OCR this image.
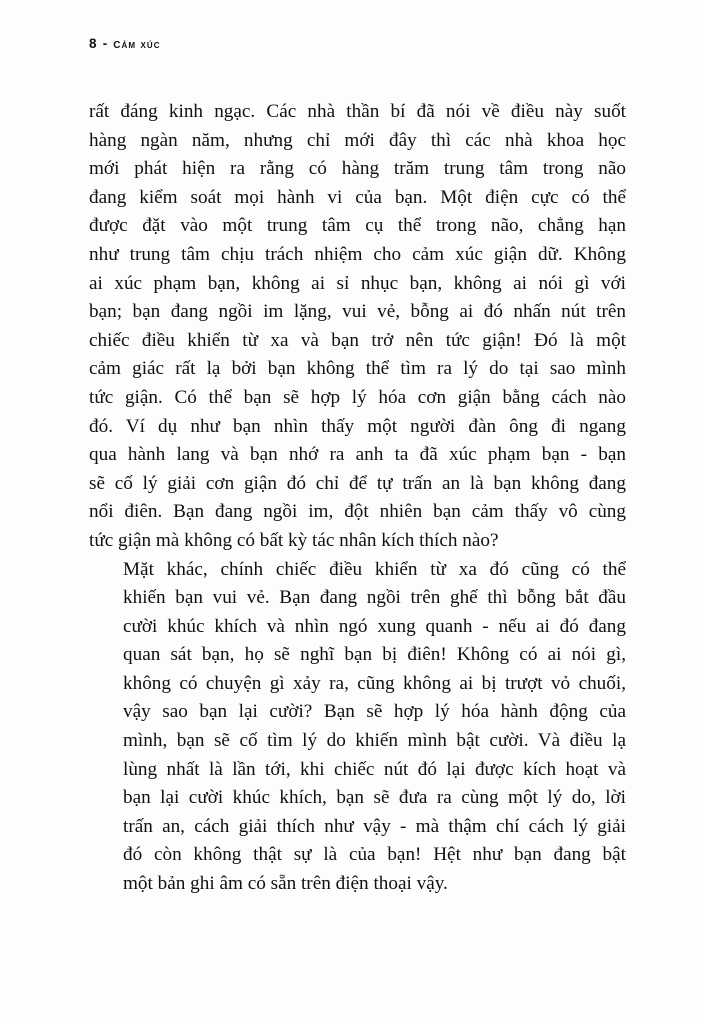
8 - cảm xúc
rất đáng kinh ngạc. Các nhà thần bí đã nói về điều này suốt
hàng ngàn năm, nhưng chỉ mới đây thì các nhà khoa học
mới phát hiện ra rằng có hàng trăm trung tâm trong não
đang kiểm soát mọi hành vi của bạn. Một điện cực có thể
được đặt vào một trung tâm cụ thể trong não, chẳng hạn
như trung tâm chịu trách nhiệm cho cảm xúc giận dữ. Không
ai xúc phạm bạn, không ai sỉ nhục bạn, không ai nói gì với
bạn; bạn đang ngồi im lặng, vui vẻ, bỗng ai đó nhấn nút trên
chiếc điều khiển từ xa và bạn trở nên tức giận! Đó là một
cảm giác rất lạ bởi bạn không thể tìm ra lý do tại sao mình
tức giận. Có thể bạn sẽ hợp lý hóa cơn giận bằng cách nào
đó. Ví dụ như bạn nhìn thấy một người đàn ông đi ngang
qua hành lang và bạn nhớ ra anh ta đã xúc phạm bạn - bạn
sẽ cố lý giải cơn giận đó chỉ để tự trấn an là bạn không đang
nổi điên. Bạn đang ngồi im, đột nhiên bạn cảm thấy vô cùng
tức giận mà không có bất kỳ tác nhân kích thích nào?
Mặt khác, chính chiếc điều khiển từ xa đó cũng có thể
khiến bạn vui vẻ. Bạn đang ngồi trên ghế thì bỗng bắt đầu
cười khúc khích và nhìn ngó xung quanh - nếu ai đó đang
quan sát bạn, họ sẽ nghĩ bạn bị điên! Không có ai nói gì,
không có chuyện gì xảy ra, cũng không ai bị trượt vỏ chuối,
vậy sao bạn lại cười? Bạn sẽ hợp lý hóa hành động của
mình, bạn sẽ cố tìm lý do khiến mình bật cười. Và điều lạ
lùng nhất là lần tới, khi chiếc nút đó lại được kích hoạt và
bạn lại cười khúc khích, bạn sẽ đưa ra cùng một lý do, lời
trấn an, cách giải thích như vậy - mà thậm chí cách lý giải
đó còn không thật sự là của bạn! Hệt như bạn đang bật
một bản ghi âm có sẵn trên điện thoại vậy.
